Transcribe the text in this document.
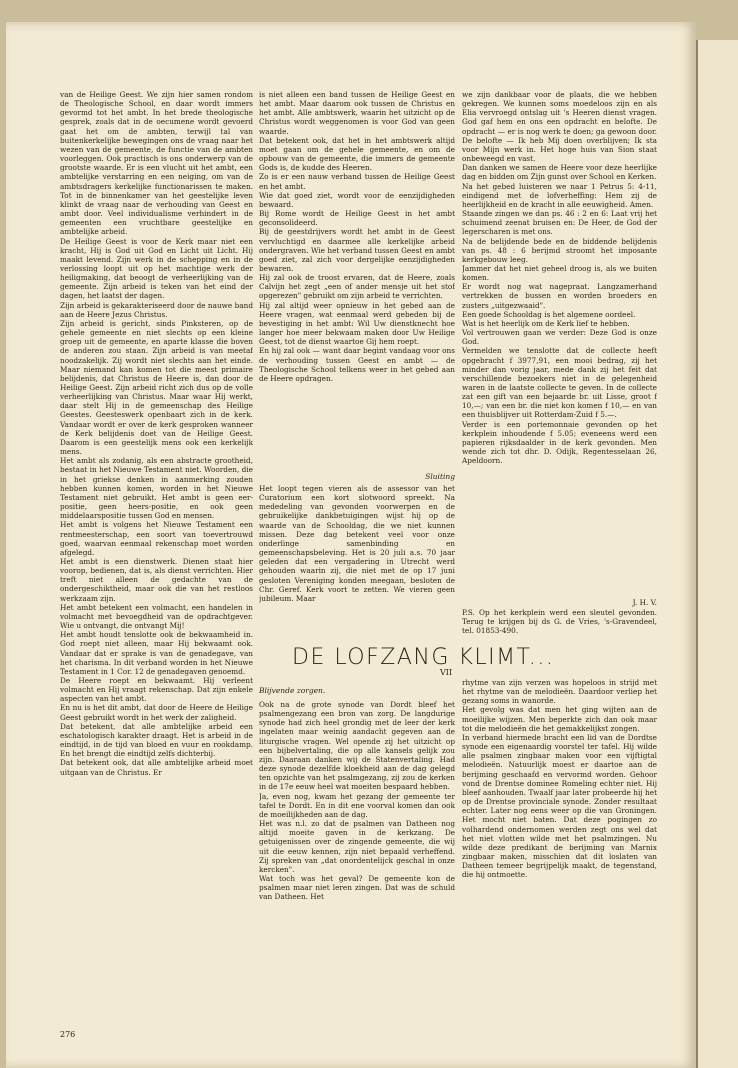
van de Heilige Geest. We zijn hier samen rondom de Theologische School, en daar wordt immers gevormd tot het ambt. In het brede theologische gesprek, zoals dat in de oecumene wordt gevoerd gaat het om de ambten, terwijl tal van buitenkerkelijke bewegingen ons de vraag naar het wezen van de gemeente, de functie van de ambten voorleggen. Ook practisch is ons onderwerp van de grootste waarde. Er is een vlucht uit het ambt, een ambtelijke verstarring en een neiging, om van de ambtsdragers kerkelijke functionarissen te maken. Tot in de binnenkamer van het geestelijke leven klinkt de vraag naar de verhouding van Geest en ambt door. Veel individualisme verhindert in de gemeenten een vruchtbare geestelijke en ambtelijke arbeid.
De Heilige Geest is voor de Kerk maar niet een kracht, Hij is God uit God en Licht uit Licht. Hij maakt levend. Zijn werk in de schepping en in de verlossing loopt uit op het machtige werk der heiligmaking, dat beoogt de verheerlijking van de gemeente. Zijn arbeid is teken van het eind der dagen, het laatst der dagen.
Zijn arbeid is gekarakteriseerd door de nauwe band aan de Heere Jezus Christus.
Zijn arbeid is gericht, sinds Pinksteren, op de gehele gemeente en niet slechts op een kleine groep uit de gemeente, en aparte klasse die boven de anderen zou staan. Zijn arbeid is van meetaf noodzakelijk. Zij wordt niet slechts aan het einde. Maar niemand kan komen tot die meest primaire belijdenis, dat Christus de Heere is, dan door de Heilige Geest. Zijn arbeid richt zich dus op de volle verheerlijking van Christus. Maar waar Hij werkt, daar stelt Hij in de gemeenschap des Heilige Geestes. Geesteswerk openbaart zich in de kerk. Vandaar wordt er over de kerk gesproken wanneer de Kerk belijdenis doet van de Heilige Geest. Daarom is een geestelijk mens ook een kerkelijk mens.
Het ambt als zodanig, als een abstracte grootheid, bestaat in het Nieuwe Testament niet. Woorden, die in het griekse denken in aanmerking zouden hebben kunnen komen, worden in het Nieuwe Testament niet gebruikt. Het ambt is geen eer-positie, geen heers-positie, en ook geen middelaarspositie tussen God en mensen.
Het ambt is volgens het Nieuwe Testament een rentmeesterschap, een soort van toevertrouwd goed, waarvan eenmaal rekenschap moet worden afgelegd.
Het ambt is een dienstwerk. Dienen staat hier voorop, bedienen, dat is, als dienst verrichten. Hier treft niet alleen de gedachte van de ondergeschiktheid, maar ook die van het restloos werkzaam zijn.
Het ambt betekent een volmacht, een handelen in volmacht met bevoegdheid van de opdrachtgever. Wie u ontvangt, die ontvangt Mij!
Het ambt houdt tenslotte ook de bekwaamheid in. God roept niet alleen, maar Hij bekwaamt ook. Vandaar dat er sprake is van de genadegave, van het charisma. In dit verband worden in het Nieuwe Testament in 1 Cor. 12 de genadegaven genoemd.
De Heere roept en bekwaamt. Hij verleent volmacht en Hij vraagt rekenschap. Dat zijn enkele aspecten van het ambt.
En nu is het dit ambt, dat door de Heere de Heilige Geest gebruikt wordt in het werk der zaligheid.
Dat betekent, dat alle ambtelijke arbeid een eschatologisch karakter draagt. Het is arbeid in de eindtijd, in de tijd van bloed en vuur en rookdamp. En het brengt die eindtijd zelfs dichterbij.
Dat betekent ook, dat alle ambtelijke arbeid moet uitgaan van de Christus. Er
is niet alleen een band tussen de Heilige Geest en het ambt. Maar daarom ook tussen de Christus en het ambt. Alle ambtswerk, waarin het uitzicht op de Christus wordt weggenomen is voor God van geen waarde.
Dat betekent ook, dat het in het ambtswerk altijd moet gaan om de gehele gemeente, en om de opbouw van de gemeente, die immers de gemeente Gods is, de kudde des Heeren.
Zo is er een nauw verband tussen de Heilige Geest en het ambt.
Wie dat goed ziet, wordt voor de eenzijdigheden bewaard.
Bij Rome wordt de Heilige Geest in het ambt geconsolideerd.
Bij de geestdrijvers wordt het ambt in de Geest vervluchtigd en daarmee alle kerkelijke arbeid ondergraven. Wie het verband tussen Geest en ambt goed ziet, zal zich voor dergelijke eenzijdigheden bewaren.
Hij zal ook de troost ervaren, dat de Heere, zoals Calvijn het zegt „een of ander mensje uit het stof opgerezen" gebruikt om zijn arbeid te verrichten.
Hij zal altijd weer opnieuw in het gebed aan de Heere vragen, wat eenmaal werd gebeden bij de bevestiging in het ambt: Wil Uw dienstknecht hoe langer hoe meer bekwaam maken door Uw Heilige Geest, tot de dienst waartoe Gij hem roept.
En hij zal ook — want daar begint vandaag voor ons de verhouding tussen Geest en ambt — de Theologische School telkens weer in het gebed aan de Heere opdragen.
Sluiting
Het loopt tegen vieren als de assessor van het Curatorium een kort slotwoord spreekt. Na mededeling van gevonden voorwerpen en de gebruikelijke dankbetuigingen wijst hij op de waarde van de Schooldag, die we niet kunnen missen. Deze dag betekent veel voor onze onderlinge samenbinding en gemeenschapsbeleving. Het is 20 juli a.s. 70 jaar geleden dat een vergadering in Utrecht werd gehouden waarin zij, die niet met de op 17 juni gesloten Vereniging konden meegaan, besloten de Chr. Geref. Kerk voort te zetten. We vieren geen jubileum. Maar
we zijn dankbaar voor de plaats, die we hebben gekregen. We kunnen soms moedeloos zijn en als Elia vervroegd ontslag uit 's Heeren dienst vragen. God gaf hem en ons een opdracht en belofte. De opdracht — er is nog werk te doen; ga gewoon door. De belofte — Ik heb Mij doen overblijven; Ik sta voor Mijn werk in. Het hoge huis van Sion staat onbeweegd en vast.
Dan danken we samen de Heere voor deze heerlijke dag en bidden om Zijn gunst over School en Kerken.
Na het gebed luisteren we naar 1 Petrus 5: 4-11, eindigend met de lofverheffing: Hem zij de heerlijkheid en de kracht in alle eeuwigheid. Amen.
Staande zingen we dan ps. 46 : 2 en 6: Laat vrij het schuimend zeenat bruisen en: De Heer, de God der legerscharen is met ons.
Na de belijdende bede en de biddende belijdenis van ps. 48 : 6 berijmd stroomt het imposante kerkgebouw leeg.
Jammer dat het niet geheel droog is, als we buiten komen.
Er wordt nog wat nagepraat. Langzamerhand vertrekken de bussen en worden broeders en zusters „uitgezwaaid".
Een goede Schooldag is het algemene oordeel.
Wat is het heerlijk om de Kerk lief te hebben.
Vol vertrouwen gaan we verder: Deze God is onze God.
Vermelden we tenslotte dat de collecte heeft opgebracht f 3977,91, een mooi bedrag, zij het minder dan vorig jaar, mede dank zij het feit dat verschillende bezoekers niet in de gelegenheid waren in de laatste collecte te geven. In de collecte zat een gift van een bejaarde br. uit Lisse, groot f 10,—; van een br. die niet kon komen f 10,— en van een thuisblijver uit Rotterdam-Zuid f 5.—.
Verder is een portemonnaie gevonden op het kerkplein inhoudende f 5.05; eveneens werd een papieren rijksdaalder in de kerk gevonden. Men wende zich tot dhr. D. Odijk, Regentesselaan 26, Apeldoorn.
J. H. V.
P.S. Op het kerkplein werd een sleutel gevonden. Terug te krijgen bij ds G. de Vries, 's-Gravendeel, tel. 01853-490.
DE LOFZANG KLIMT...
VII
Blijvende zorgen.
Ook na de grote synode van Dordt bleef het psalmengezang een bron van zorg. De langdurige synode had zich heel grondig met de leer der kerk ingelaten maar weinig aandacht gegeven aan de liturgische vragen. Wel opende zij het uitzicht op een bijbelvertaling, die op alle kansels gelijk zou zijn. Daaraan danken wij de Statenvertaling. Had deze synode dezelfde kloekheid aan de dag gelegd ten opzichte van het psalmgezang, zij zou de kerken in de 17e eeuw heel wat moeiten bespaard hebben.
Ja, even nog, kwam het gezang der gemeente ter tafel te Dordt. En in dit ene voorval komen dan ook de moeilijkheden aan de dag.
Het was n.l. zo dat de psalmen van Datheen nog altijd moeite gaven in de kerkzang. De getuigenissen over de zingende gemeente, die wij uit die eeuw kennen, zijn niet bepaald verheffend. Zij spreken van „dat onordentelijck geschal in onze kercken".
Wat toch was het geval? De gemeente kon de psalmen maar niet leren zingen. Dat was de schuld van Datheen. Het
rhytme van zijn verzen was hopeloos in strijd met het rhytme van de melodieën. Daardoor verliep het gezang soms in wanorde.
Het gevolg was dat men het ging wijten aan de moeilijke wijzen. Men beperkte zich dan ook maar tot die melodieën die het gemakkelijkst zongen.
In verband hiermede bracht een lid van de Dordtse synode een eigenaardig voorstel ter tafel. Hij wilde alle psalmen zingbaar maken voor een vijftigtal melodieën. Natuurlijk moest er daartoe aan de berijming geschaafd en vervormd worden. Gehoor vond de Drentse dominee Romeling echter niet. Hij bleef aanhouden. Twaalf jaar later probeerde hij het op de Drentse provinciale synode. Zonder resultaat echter. Later nog eens weer op die van Groningen. Het mocht niet baten. Dat deze pogingen zo volhardend ondernomen werden zegt ons wel dat het niet vlotten wilde met het psalmzingen. Nu wilde deze predikant de berijming van Marnix zingbaar maken, misschien dat dit loslaten van Datheen temeer begrijpelijk maakt, de tegenstand, die hij ontmoette.
276
